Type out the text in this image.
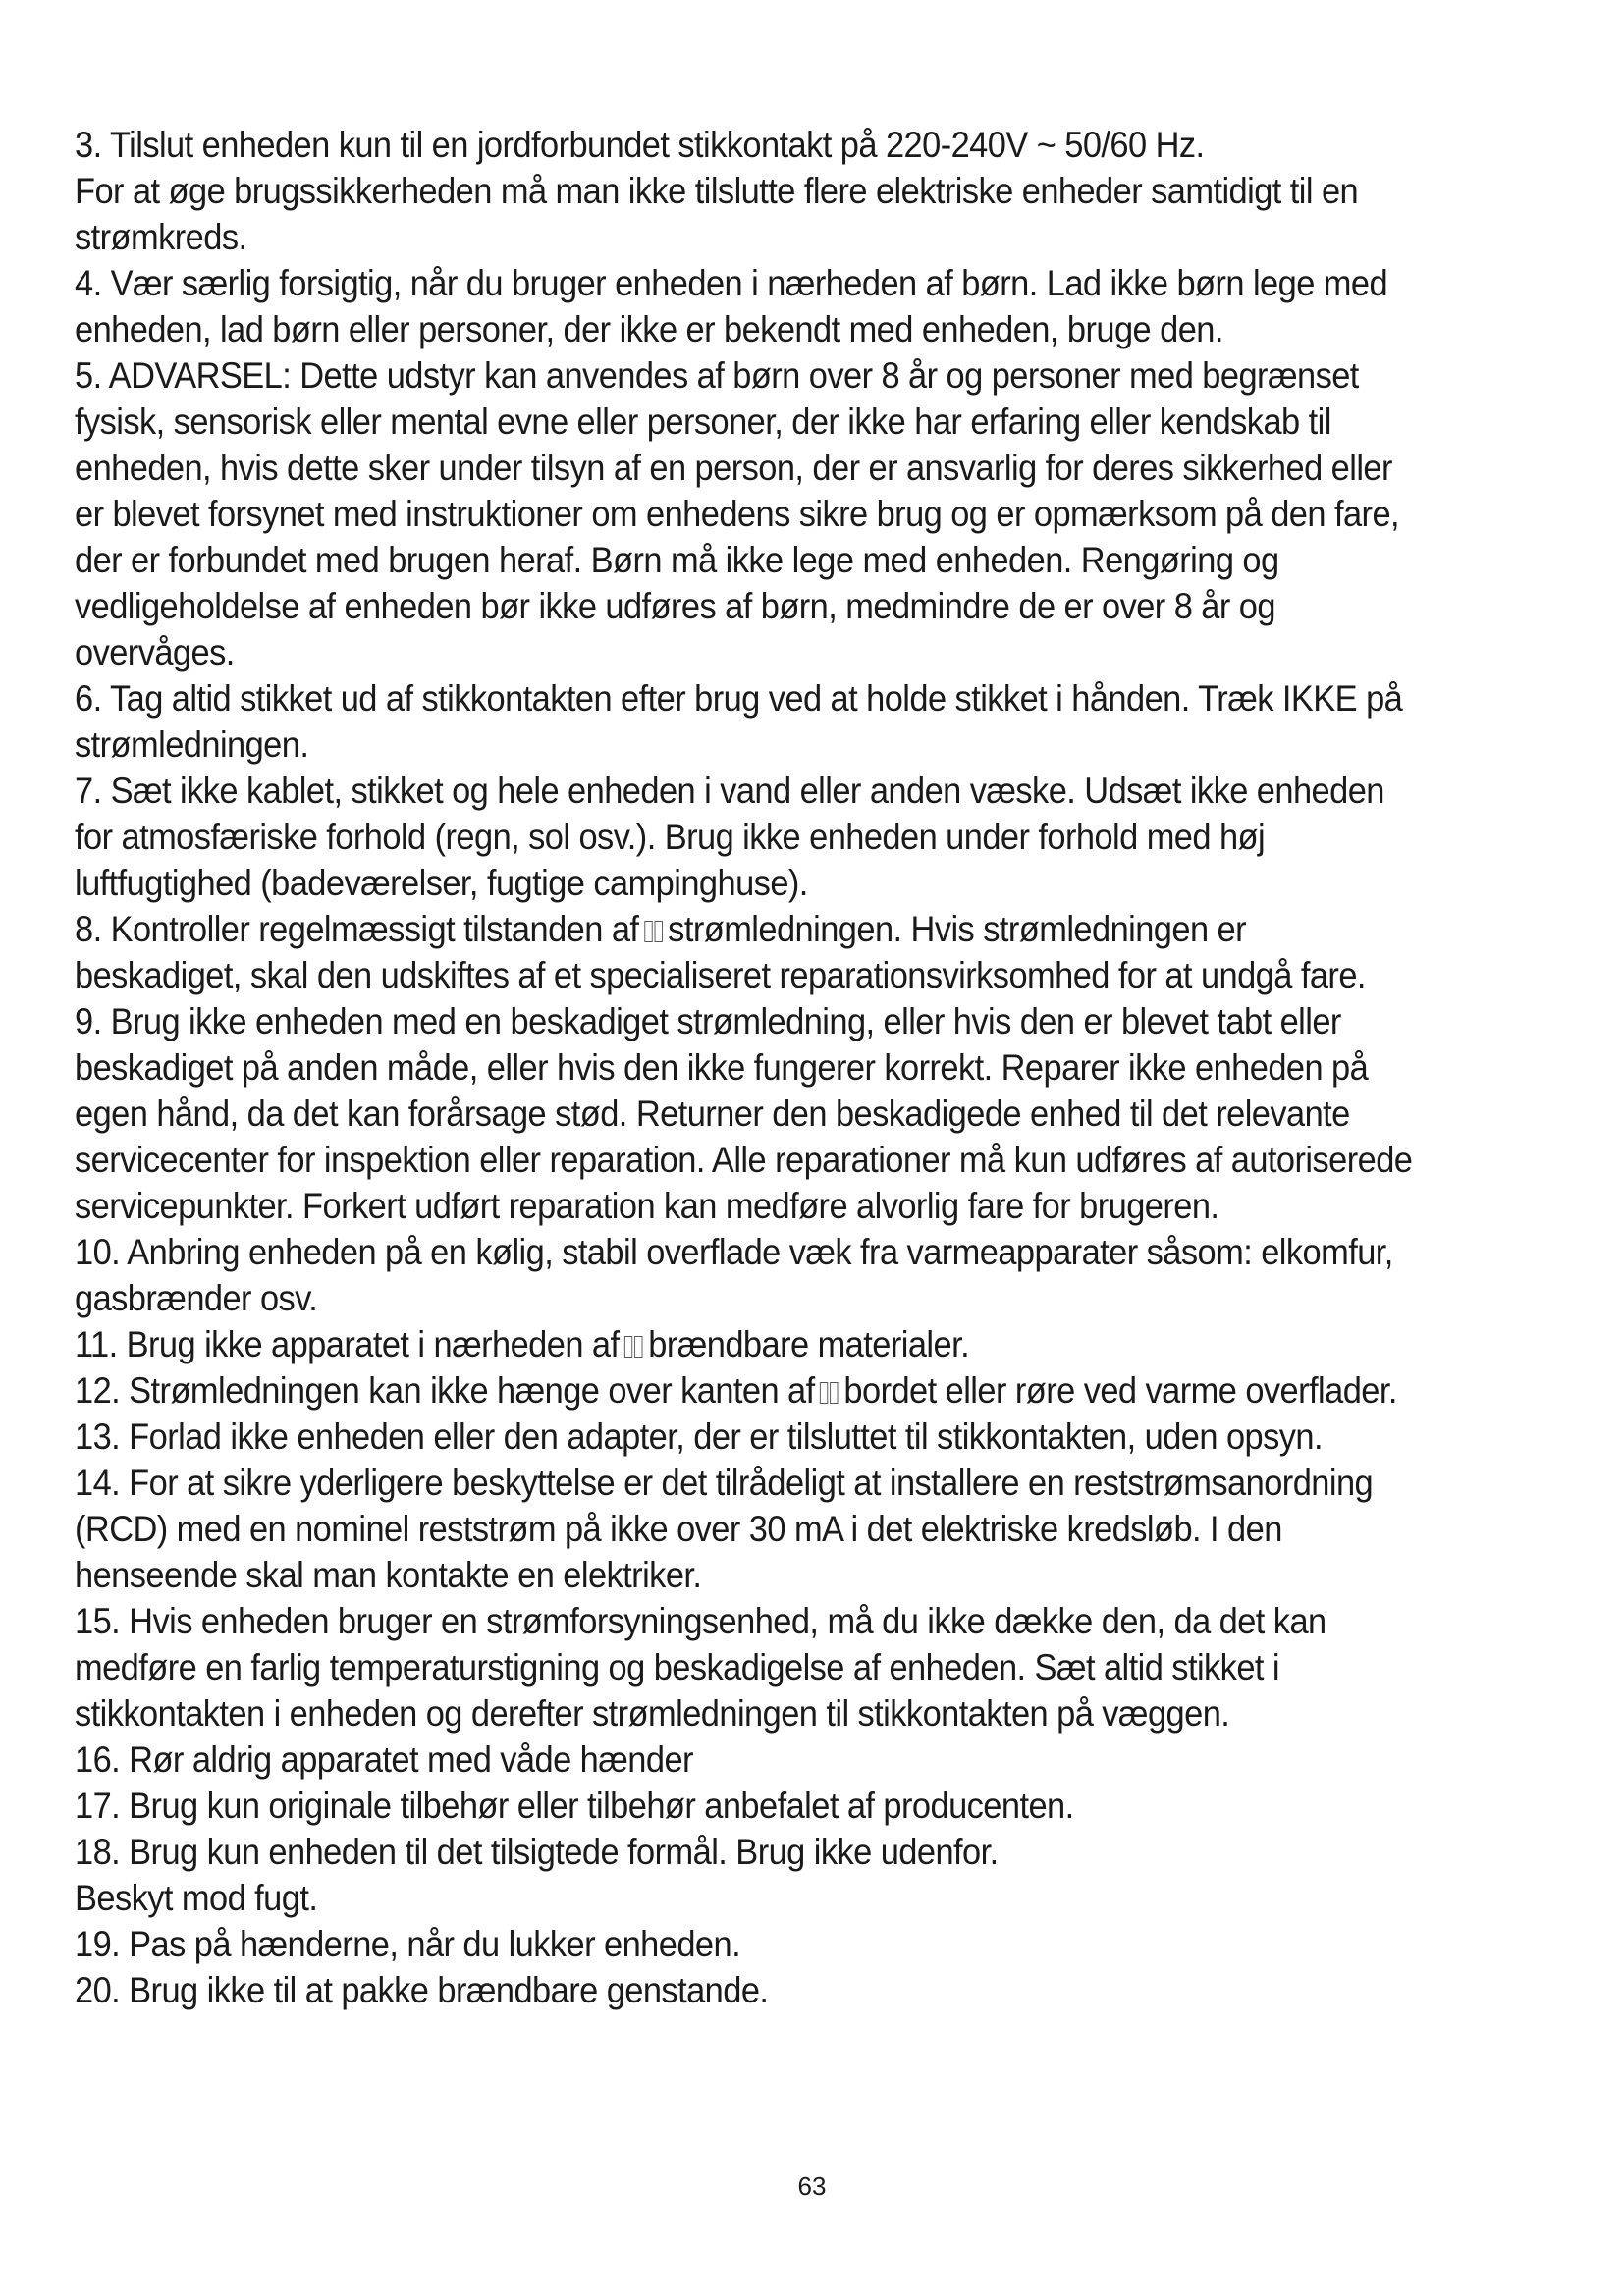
3. Tilslut enheden kun til en jordforbundet stikkontakt på 220-240V ~ 50/60 Hz.
For at øge brugssikkerheden må man ikke tilslutte flere elektriske enheder samtidigt til en
strømkreds.
4. Vær særlig forsigtig, når du bruger enheden i nærheden af børn. Lad ikke børn lege med
enheden, lad børn eller personer, der ikke er bekendt med enheden, bruge den.
5. ADVARSEL: Dette udstyr kan anvendes af børn over 8 år og personer med begrænset
fysisk, sensorisk eller mental evne eller personer, der ikke har erfaring eller kendskab til
enheden, hvis dette sker under tilsyn af en person, der er ansvarlig for deres sikkerhed eller
er blevet forsynet med instruktioner om enhedens sikre brug og er opmærksom på den fare,
der er forbundet med brugen heraf. Børn må ikke lege med enheden. Rengøring og
vedligeholdelse af enheden bør ikke udføres af børn, medmindre de er over 8 år og
overvåges.
6. Tag altid stikket ud af stikkontakten efter brug ved at holde stikket i hånden. Træk IKKE på
strømledningen.
7. Sæt ikke kablet, stikket og hele enheden i vand eller anden væske. Udsæt ikke enheden
for atmosfæriske forhold (regn, sol osv.). Brug ikke enheden under forhold med høj
luftfugtighed (badeværelser, fugtige campinghuse).
8. Kontroller regelmæssigt tilstanden af strømledningen. Hvis strømledningen er
beskadiget, skal den udskiftes af et specialiseret reparationsvirksomhed for at undgå fare.
9. Brug ikke enheden med en beskadiget strømledning, eller hvis den er blevet tabt eller
beskadiget på anden måde, eller hvis den ikke fungerer korrekt. Reparer ikke enheden på
egen hånd, da det kan forårsage stød. Returner den beskadigede enhed til det relevante
servicecenter for inspektion eller reparation. Alle reparationer må kun udføres af autoriserede
servicepunkter. Forkert udført reparation kan medføre alvorlig fare for brugeren.
10. Anbring enheden på en kølig, stabil overflade væk fra varmeapparater såsom: elkomfur,
gasbrænder osv.
11. Brug ikke apparatet i nærheden af brændbare materialer.
12. Strømledningen kan ikke hænge over kanten af bordet eller røre ved varme overflader.
13. Forlad ikke enheden eller den adapter, der er tilsluttet til stikkontakten, uden opsyn.
14. For at sikre yderligere beskyttelse er det tilrådeligt at installere en reststrømsanordning
(RCD) med en nominel reststrøm på ikke over 30 mA i det elektriske kredsløb. I den
henseende skal man kontakte en elektriker.
15. Hvis enheden bruger en strømforsyningsenhed, må du ikke dække den, da det kan
medføre en farlig temperaturstigning og beskadigelse af enheden. Sæt altid stikket i
stikkontakten i enheden og derefter strømledningen til stikkontakten på væggen.
16. Rør aldrig apparatet med våde hænder
17. Brug kun originale tilbehør eller tilbehør anbefalet af producenten.
18. Brug kun enheden til det tilsigtede formål. Brug ikke udenfor.
Beskyt mod fugt.
19. Pas på hænderne, når du lukker enheden.
20. Brug ikke til at pakke brændbare genstande.
63
